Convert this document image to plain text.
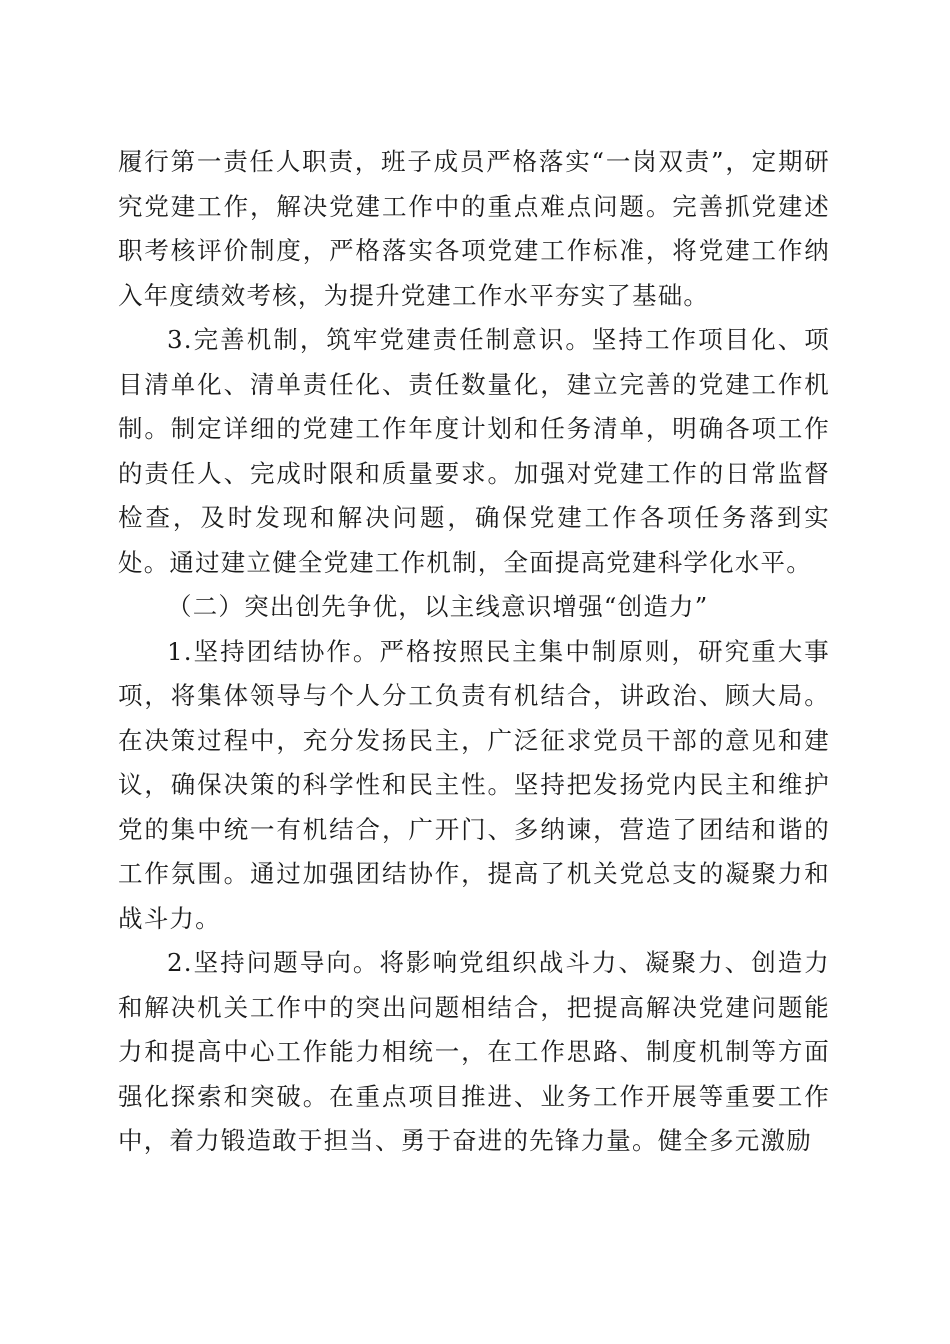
履行第一责任人职责，班子成员严格落实“一岗双责”，定期研究党建工作，解决党建工作中的重点难点问题。完善抓党建述职考核评价制度，严格落实各项党建工作标准，将党建工作纳入年度绩效考核，为提升党建工作水平夯实了基础。

3.完善机制，筑牢党建责任制意识。坚持工作项目化、项目清单化、清单责任化、责任数量化，建立完善的党建工作机制。制定详细的党建工作年度计划和任务清单，明确各项工作的责任人、完成时限和质量要求。加强对党建工作的日常监督检查，及时发现和解决问题，确保党建工作各项任务落到实处。通过建立健全党建工作机制，全面提高党建科学化水平。

（二）突出创先争优，以主线意识增强“创造力”

1.坚持团结协作。严格按照民主集中制原则，研究重大事项，将集体领导与个人分工负责有机结合，讲政治、顾大局。在决策过程中，充分发扬民主，广泛征求党员干部的意见和建议，确保决策的科学性和民主性。坚持把发扬党内民主和维护党的集中统一有机结合，广开门、多纳谏，营造了团结和谐的工作氛围。通过加强团结协作，提高了机关党总支的凝聚力和战斗力。

2.坚持问题导向。将影响党组织战斗力、凝聚力、创造力和解决机关工作中的突出问题相结合，把提高解决党建问题能力和提高中心工作能力相统一，在工作思路、制度机制等方面强化探索和突破。在重点项目推进、业务工作开展等重要工作中，着力锻造敢于担当、勇于奋进的先锋力量。健全多元激励
